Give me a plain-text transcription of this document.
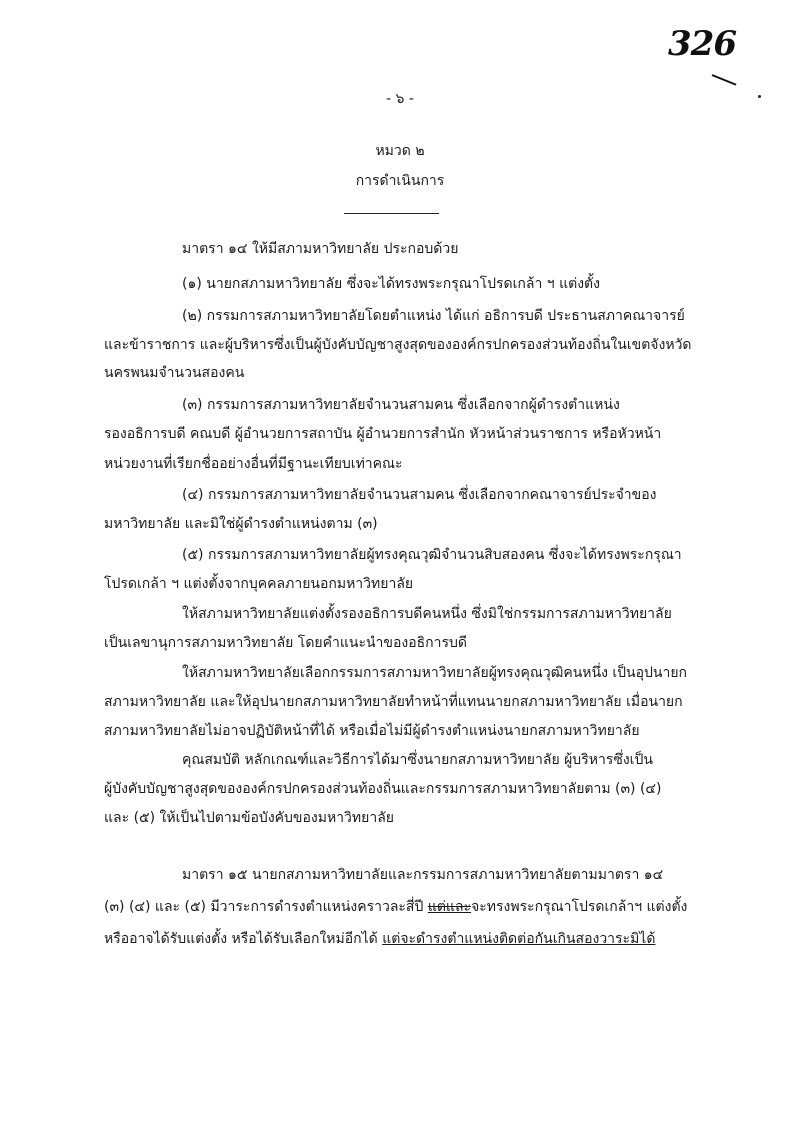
326
- ๖ -
หมวด ๒
การดำเนินการ
มาตรา ๑๔ ให้มีสภามหาวิทยาลัย ประกอบด้วย
(๑) นายกสภามหาวิทยาลัย ซึ่งจะได้ทรงพระกรุณาโปรดเกล้า ฯ แต่งตั้ง
(๒) กรรมการสภามหาวิทยาลัยโดยตำแหน่ง ได้แก่ อธิการบดี ประธานสภาคณาจารย์
และข้าราชการ และผู้บริหารซึ่งเป็นผู้บังคับบัญชาสูงสุดขององค์กรปกครองส่วนท้องถิ่นในเขตจังหวัด
นครพนมจำนวนสองคน
(๓) กรรมการสภามหาวิทยาลัยจำนวนสามคน ซึ่งเลือกจากผู้ดำรงตำแหน่ง
รองอธิการบดี คณบดี ผู้อำนวยการสถาบัน ผู้อำนวยการสำนัก หัวหน้าส่วนราชการ หรือหัวหน้า
หน่วยงานที่เรียกชื่ออย่างอื่นที่มีฐานะเทียบเท่าคณะ
(๔) กรรมการสภามหาวิทยาลัยจำนวนสามคน ซึ่งเลือกจากคณาจารย์ประจำของ
มหาวิทยาลัย และมิใช่ผู้ดำรงตำแหน่งตาม (๓)
(๕) กรรมการสภามหาวิทยาลัยผู้ทรงคุณวุฒิจำนวนสิบสองคน ซึ่งจะได้ทรงพระกรุณา
โปรดเกล้า ฯ แต่งตั้งจากบุคคลภายนอกมหาวิทยาลัย
ให้สภามหาวิทยาลัยแต่งตั้งรองอธิการบดีคนหนึ่ง ซึ่งมิใช่กรรมการสภามหาวิทยาลัย
เป็นเลขานุการสภามหาวิทยาลัย โดยคำแนะนำของอธิการบดี
ให้สภามหาวิทยาลัยเลือกกรรมการสภามหาวิทยาลัยผู้ทรงคุณวุฒิคนหนึ่ง เป็นอุปนายก
สภามหาวิทยาลัย และให้อุปนายกสภามหาวิทยาลัยทำหน้าที่แทนนายกสภามหาวิทยาลัย เมื่อนายก
สภามหาวิทยาลัยไม่อาจปฏิบัติหน้าที่ได้ หรือเมื่อไม่มีผู้ดำรงตำแหน่งนายกสภามหาวิทยาลัย
คุณสมบัติ หลักเกณฑ์และวิธีการได้มาซึ่งนายกสภามหาวิทยาลัย ผู้บริหารซึ่งเป็น
ผู้บังคับบัญชาสูงสุดขององค์กรปกครองส่วนท้องถิ่นและกรรมการสภามหาวิทยาลัยตาม (๓) (๔)
และ (๕) ให้เป็นไปตามข้อบังคับของมหาวิทยาลัย
มาตรา ๑๕ นายกสภามหาวิทยาลัยและกรรมการสภามหาวิทยาลัยตามมาตรา ๑๔
(๓) (๔) และ (๕) มีวาระการดำรงตำแหน่งคราวละสี่ปี แต่และจะทรงพระกรุณาโปรดเกล้าฯ แต่งตั้ง
หรืออาจได้รับแต่งตั้ง หรือได้รับเลือกใหม่อีกได้ แต่จะดำรงตำแหน่งติดต่อกันเกินสองวาระมิได้
